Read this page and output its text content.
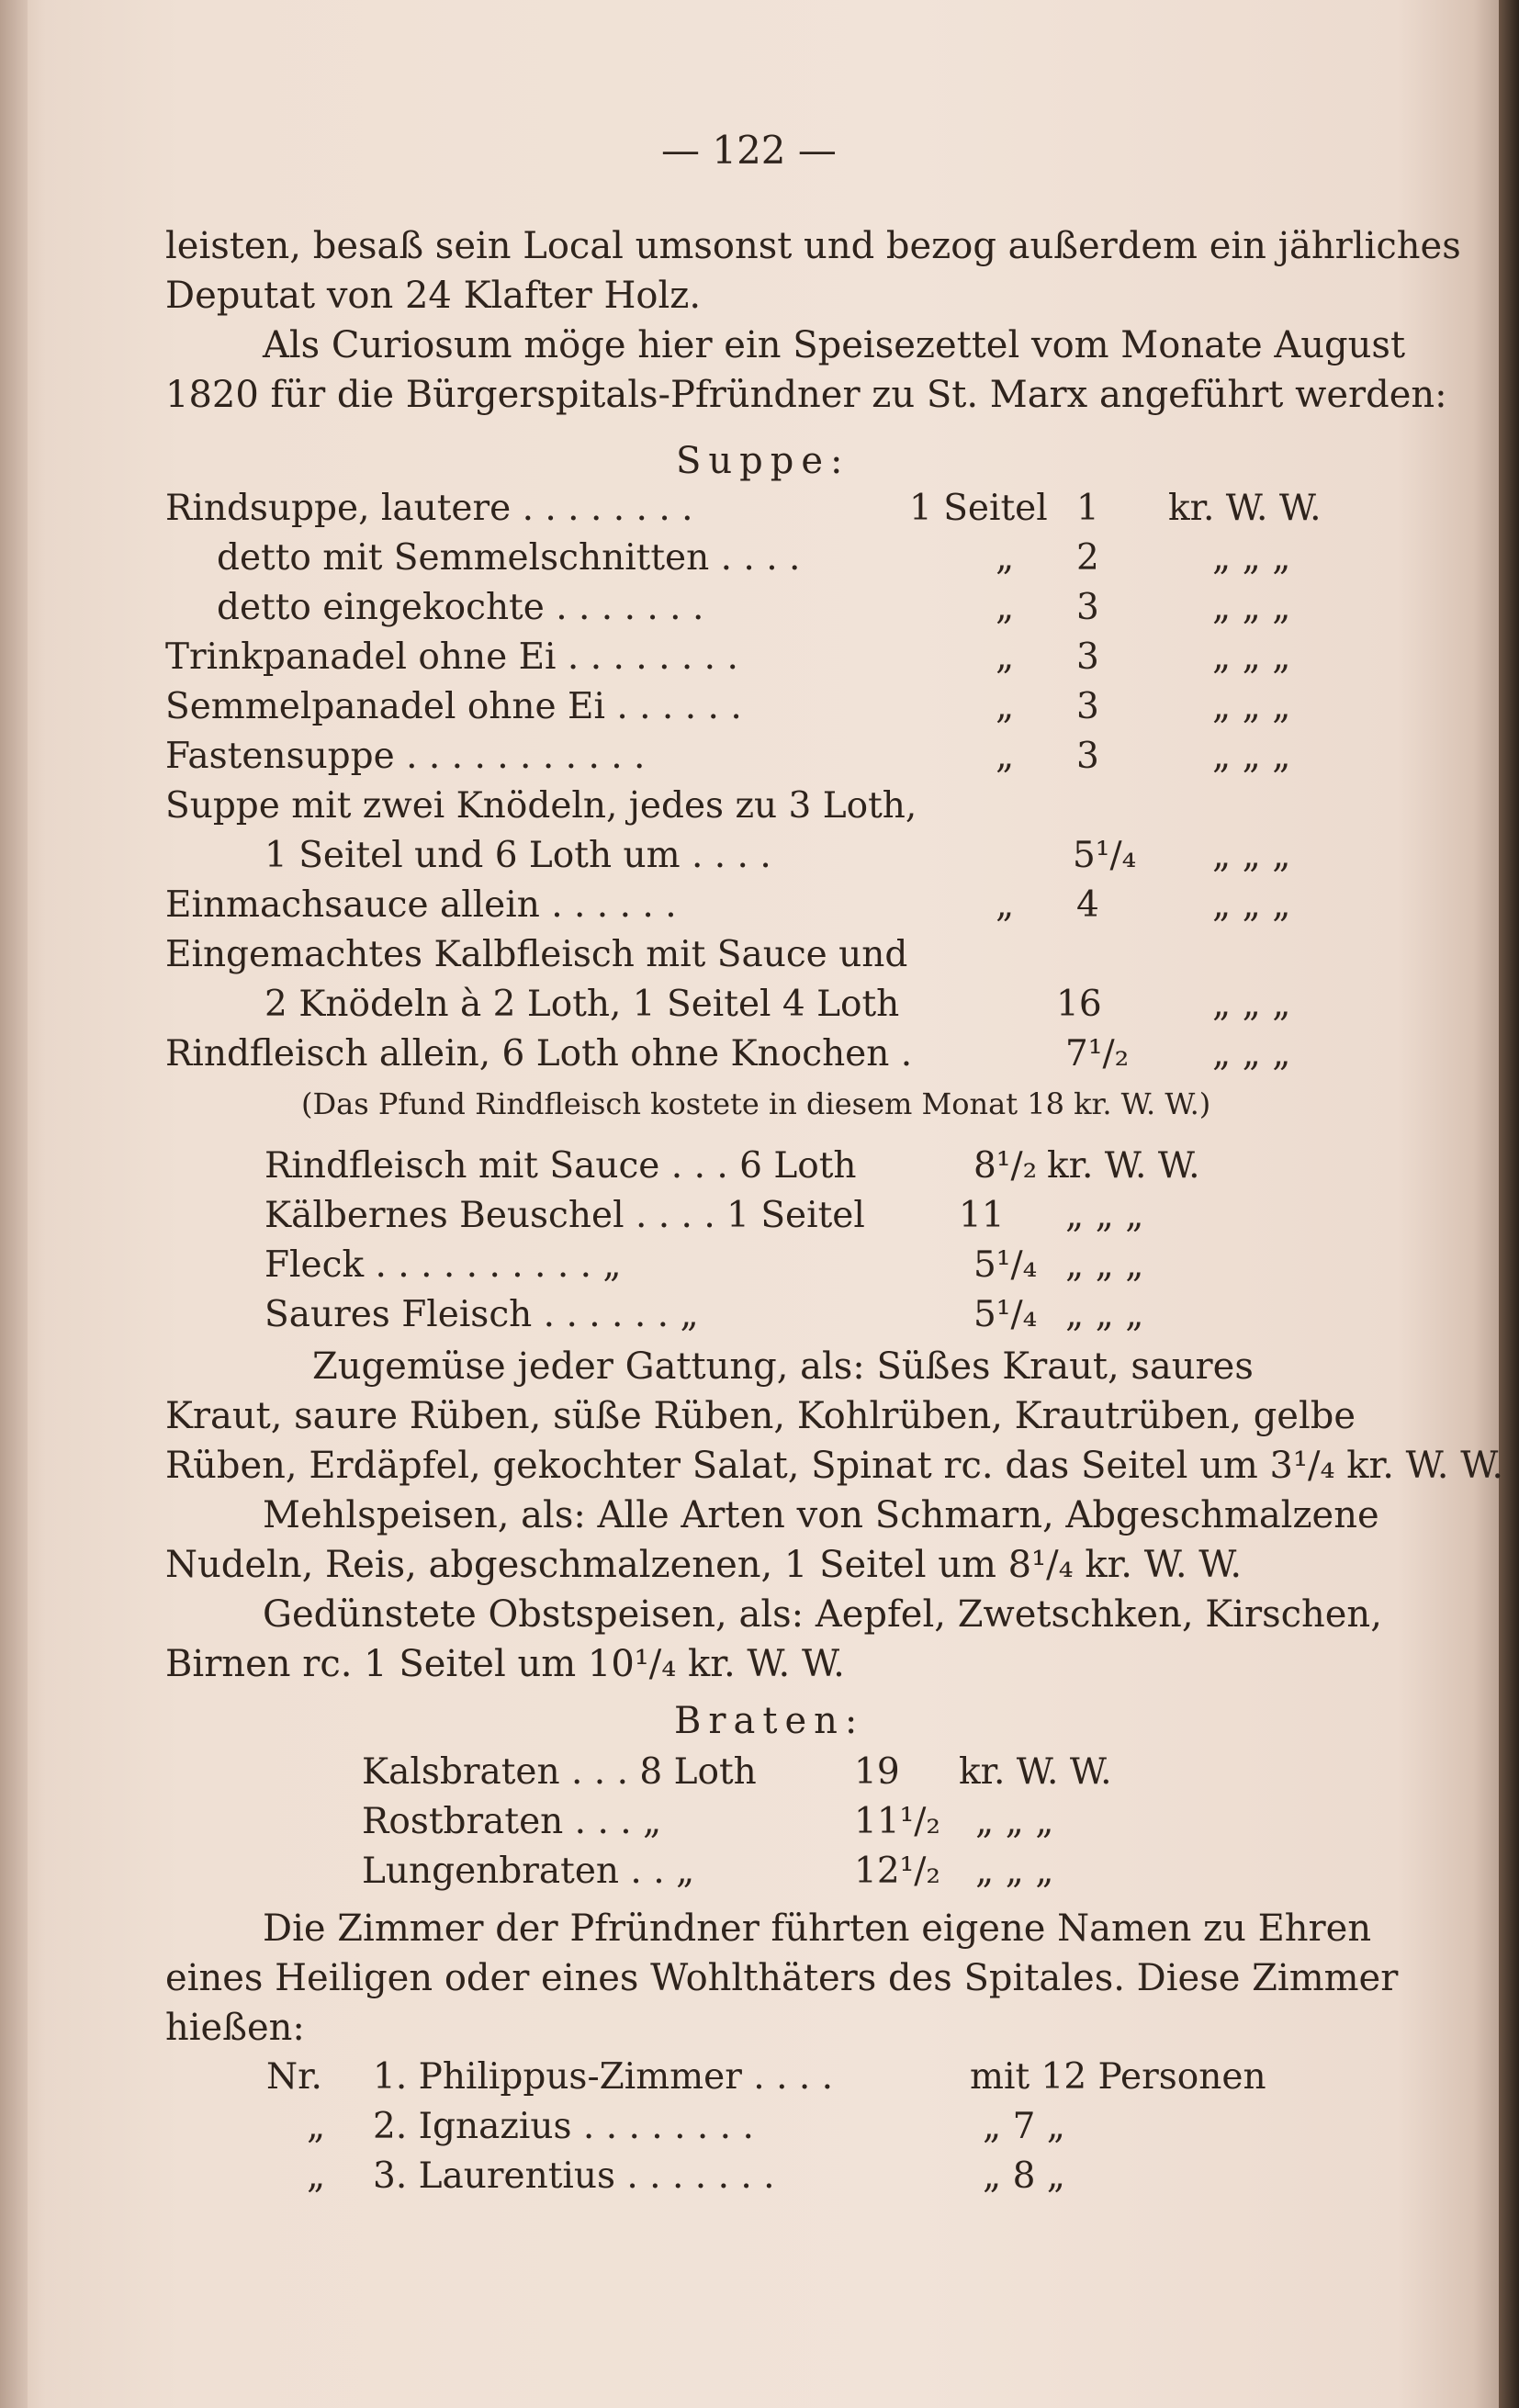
— 122 —
leisten, besaß sein Local umsonst und bezog außerdem ein jährliches
Deputat von 24 Klafter Holz.
Als Curiosum möge hier ein Speisezettel vom Monate August
1820 für die Bürgerspitals-Pfründner zu St. Marx angeführt werden:
Suppe:
Rindsuppe, lautere . . . . . . . .	1 Seitel 1 kr. W. W.
detto mit Semmelschnitten . . . .	„ 2	„ „ „
detto eingekochte . . . . . . .	„ 3	„ „ „
Trinkpanadel ohne Ei . . . . . . . .	„ 3	„ „ „
Semmelpanadel ohne Ei . . . . . .	„ 3	„ „ „
Fastensuppe . . . . . . . . . . .	„ 3	„ „ „
Suppe mit zwei Knödeln, jedes zu 3 Loth,
1 Seitel und 6 Loth um . . . .	5¹/₄ „ „ „
Einmachsauce allein . . . . . .	„ 4	„ „ „
Eingemachtes Kalbfleisch mit Sauce und
2 Knödeln à 2 Loth, 1 Seitel 4 Loth	16	„ „ „
Rindfleisch allein, 6 Loth ohne Knochen .	7¹/₂ „ „ „
(Das Pfund Rindfleisch kostete in diesem Monat 18 kr. W. W.)
Rindfleisch mit Sauce . . . 6 Loth	8¹/₂ kr. W. W.
Kälbernes Beuschel . . . . 1 Seitel	11 „ „ „
Fleck . . . . . . . . . . „	5¹/₄ „ „ „
Saures Fleisch . . . . . . „	5¹/₄ „ „ „
Zugemüse jeder Gattung, als: Süßes Kraut, saures
Kraut, saure Rüben, süße Rüben, Kohlrüben, Krautrüben, gelbe
Rüben, Erdäpfel, gekochter Salat, Spinat rc. das Seitel um 3¹/₄ kr. W. W.
Mehlspeisen, als: Alle Arten von Schmarn, Abgeschmalzene
Nudeln, Reis, abgeschmalzenen, 1 Seitel um 8¹/₄ kr. W. W.
Gedünstete Obstspeisen, als: Aepfel, Zwetschken, Kirschen,
Birnen rc. 1 Seitel um 10¹/₄ kr. W. W.
Braten:
Kalsbraten . . . 8 Loth	19 kr. W. W.
Rostbraten . . . „	11¹/₂ „ „ „
Lungenbraten . . „	12¹/₂ „ „ „
Die Zimmer der Pfründner führten eigene Namen zu Ehren
eines Heiligen oder eines Wohlthäters des Spitales. Diese Zimmer
hießen:
Nr. 1. Philippus-Zimmer . . . .	mit 12 Personen
„ 2. Ignazius . . . . . . . .	„ 7 „
„ 3. Laurentius . . . . . . .	„ 8 „
